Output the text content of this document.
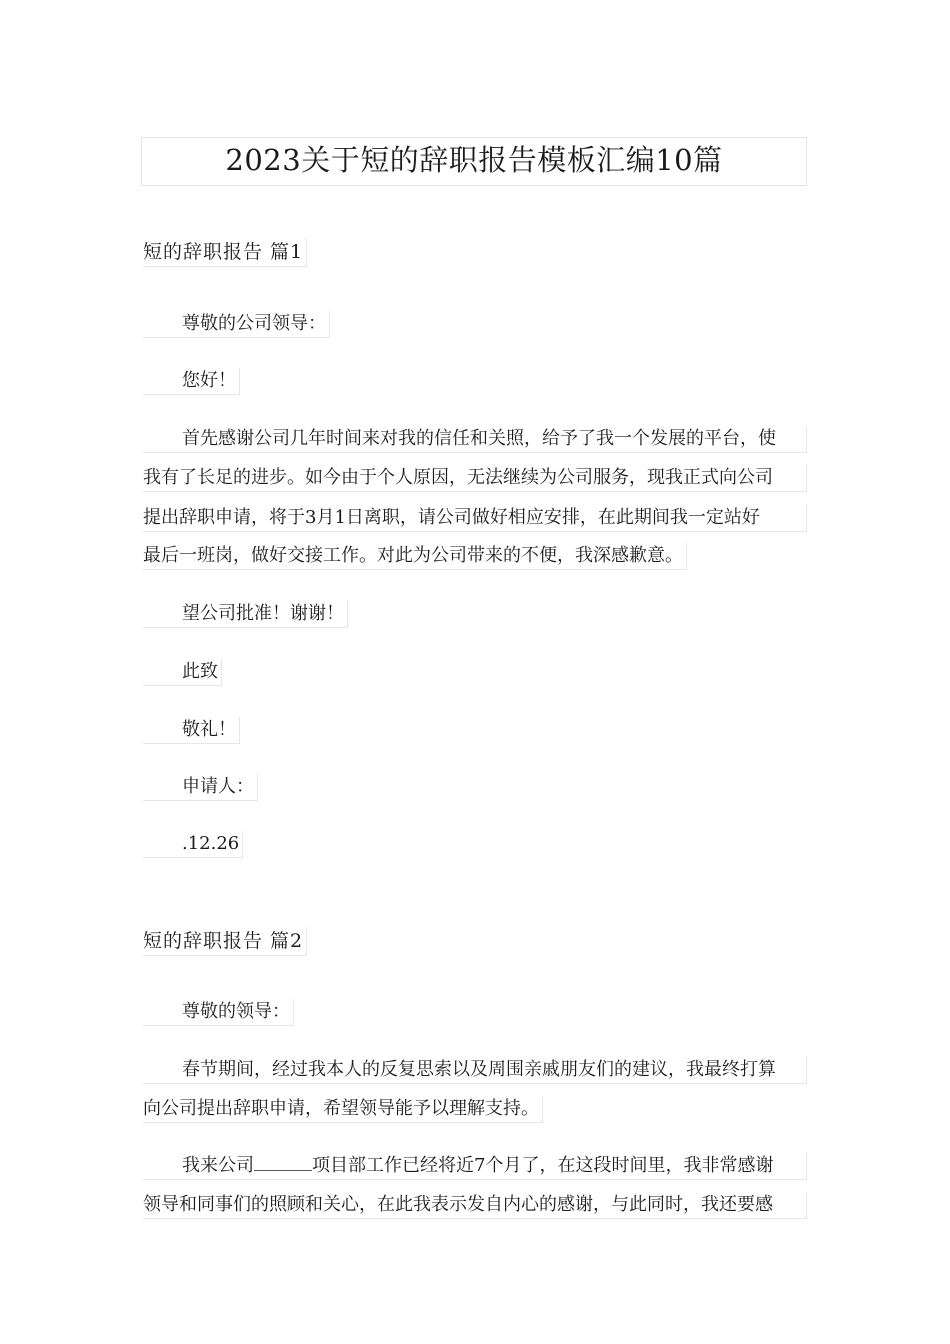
2023关于短的辞职报告模板汇编10篇
短的辞职报告 篇1
尊敬的公司领导：
您好！
首先感谢公司几年时间来对我的信任和关照，给予了我一个发展的平台，使
我有了长足的进步。如今由于个人原因，无法继续为公司服务，现我正式向公司
提出辞职申请，将于3月1日离职，请公司做好相应安排，在此期间我一定站好
最后一班岗，做好交接工作。对此为公司带来的不便，我深感歉意。
望公司批准！谢谢！
此致
敬礼！
申请人：
.12.26
短的辞职报告 篇2
尊敬的领导：
春节期间，经过我本人的反复思索以及周围亲戚朋友们的建议，我最终打算
向公司提出辞职申请，希望领导能予以理解支持。
我来公司	项目部工作已经将近7个月了，在这段时间里，我非常感谢
领导和同事们的照顾和关心，在此我表示发自内心的感谢，与此同时，我还要感
